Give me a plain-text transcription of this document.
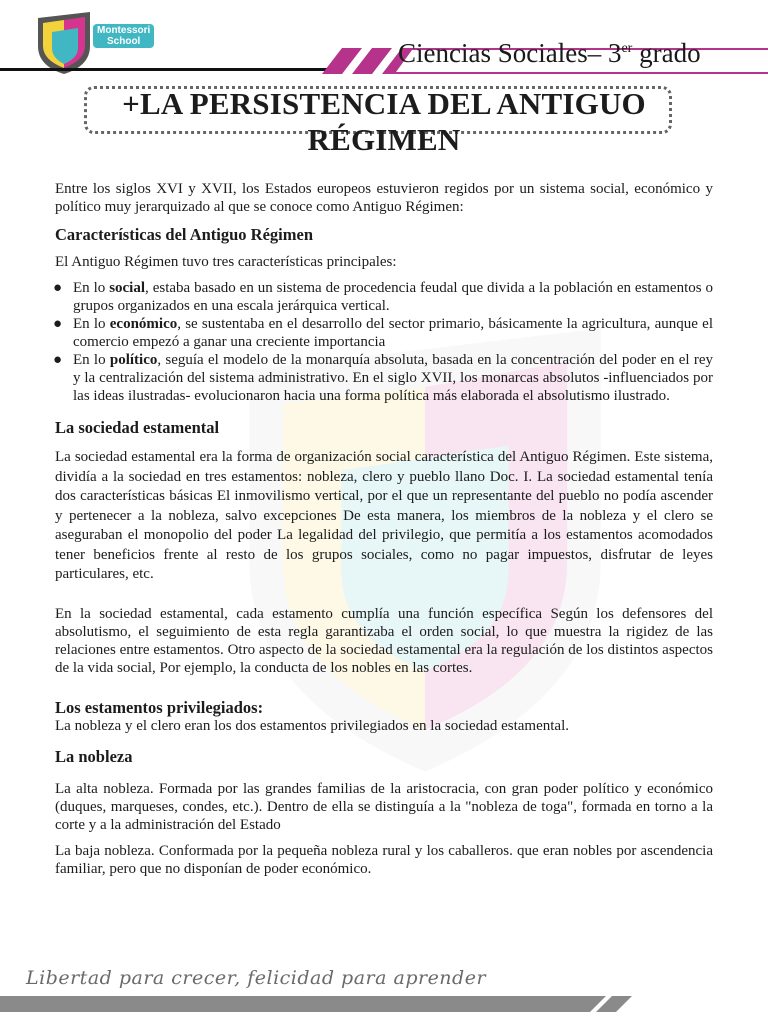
Montessori
School	Ciencias Sociales– 3er grado
+LA PERSISTENCIA DEL ANTIGUO RÉGIMEN

Entre los siglos XVI y XVII, los Estados europeos estuvieron regidos por un sistema social, económico y político muy jerarquizado al que se conoce como Antiguo Régimen:

Características del Antiguo Régimen

El Antiguo Régimen tuvo tres características principales:

● En lo social, estaba basado en un sistema de procedencia feudal que divida a la población en estamentos o grupos organizados en una escala jerárquica vertical.
● En lo económico, se sustentaba en el desarrollo del sector primario, básicamente la agricultura, aunque el comercio empezó a ganar una creciente importancia
● En lo político, seguía el modelo de la monarquía absoluta, basada en la concentración del poder en el rey y la centralización del sistema administrativo. En el siglo XVII, los monarcas absolutos -influenciados por las ideas ilustradas- evolucionaron hacia una forma política más elaborada el absolutismo ilustrado.
La sociedad estamental

La sociedad estamental era la forma de organización social característica del Antiguo Régimen. Este sistema, dividía a la sociedad en tres estamentos: nobleza, clero y pueblo llano Doc. I. La sociedad estamental tenía dos características básicas El inmovilismo vertical, por el que un representante del pueblo no podía ascender y pertenecer a la nobleza, salvo excepciones De esta manera, los miembros de la nobleza y el clero se aseguraban el monopolio del poder La legalidad del privilegio, que permitía a los estamentos acomodados tener beneficios frente al resto de los grupos sociales, como no pagar impuestos, disfrutar de leyes particulares, etc.

En la sociedad estamental, cada estamento cumplía una función específica Según los defensores del absolutismo, el seguimiento de esta regla garantizaba el orden social, lo que muestra la rigidez de las relaciones entre estamentos. Otro aspecto de la sociedad estamental era la regulación de los distintos aspectos de la vida social, Por ejemplo, la conducta de los nobles en las cortes.

Los estamentos privilegiados:

La nobleza y el clero eran los dos estamentos privilegiados en la sociedad estamental.

La nobleza

La alta nobleza. Formada por las grandes familias de la aristocracia, con gran poder político y económico (duques, marqueses, condes, etc.). Dentro de ella se distinguía a la "nobleza de toga", formada en torno a la corte y a la administración del Estado

La baja nobleza. Conformada por la pequeña nobleza rural y los caballeros. que eran nobles por ascendencia familiar, pero que no disponían de poder económico.

Libertad para crecer, felicidad para aprender
